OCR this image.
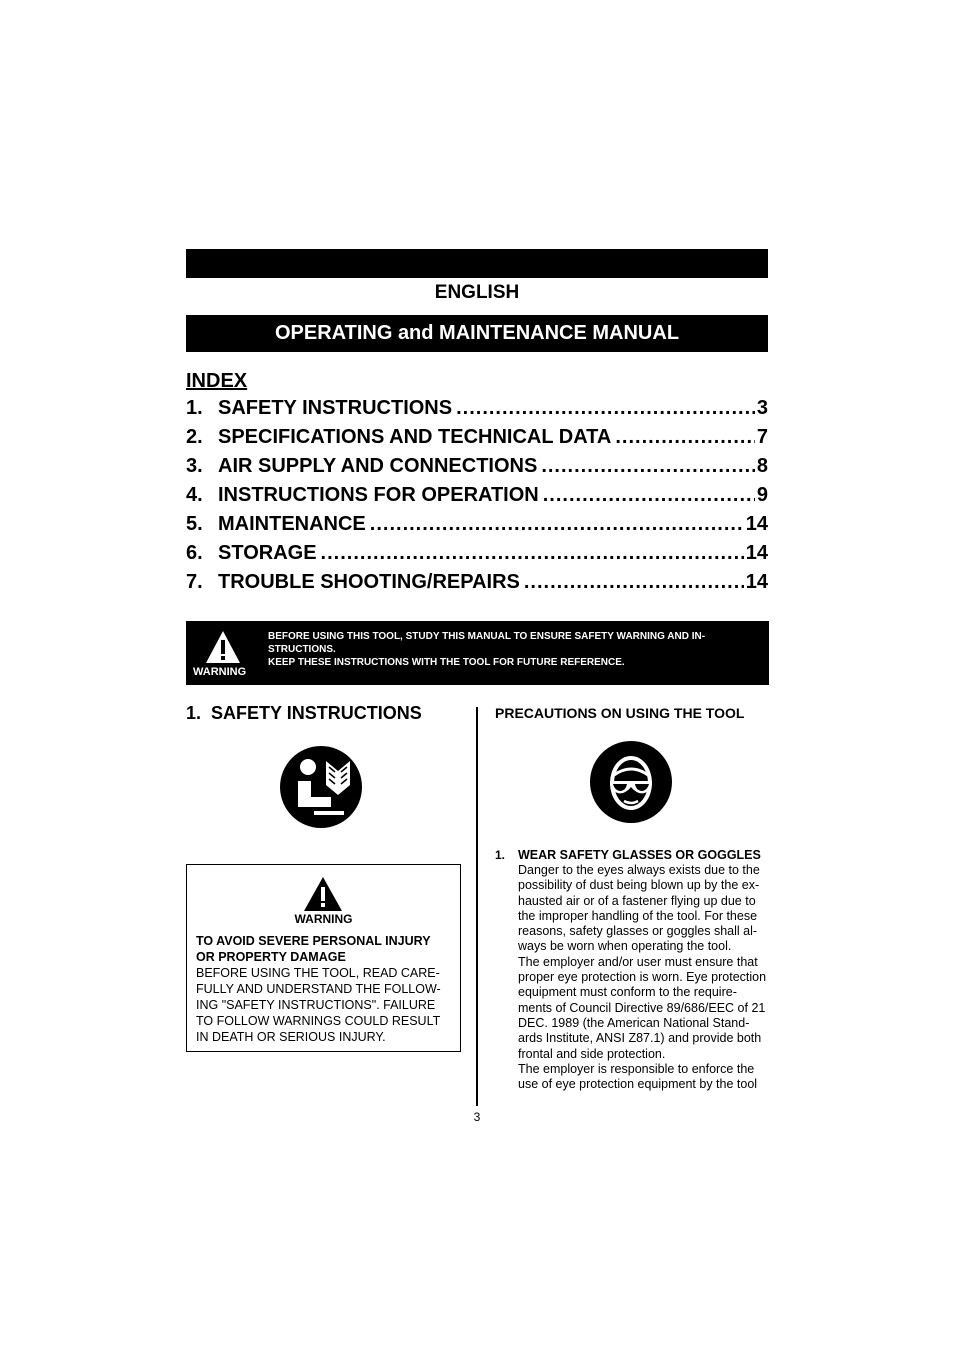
ENGLISH
OPERATING and MAINTENANCE MANUAL
INDEX
1. SAFETY INSTRUCTIONS .....	3
2. SPECIFICATIONS AND TECHNICAL DATA .....	7
3. AIR SUPPLY AND CONNECTIONS .....	8
4. INSTRUCTIONS FOR OPERATION .....	9
5. MAINTENANCE .....	14
6. STORAGE .....	14
7. TROUBLE SHOOTING/REPAIRS .....	14
WARNING
BEFORE USING THIS TOOL, STUDY THIS MANUAL TO ENSURE SAFETY WARNING AND IN-
STRUCTIONS.
KEEP THESE INSTRUCTIONS WITH THE TOOL FOR FUTURE REFERENCE.
1.  SAFETY INSTRUCTIONS
WARNING
TO AVOID SEVERE PERSONAL INJURY
OR PROPERTY DAMAGE
BEFORE USING THE TOOL, READ CARE-
FULLY AND UNDERSTAND THE FOLLOW-
ING "SAFETY INSTRUCTIONS". FAILURE
TO FOLLOW WARNINGS COULD RESULT
IN DEATH OR SERIOUS INJURY.
PRECAUTIONS ON USING THE TOOL
1. WEAR SAFETY GLASSES OR GOGGLES
Danger to the eyes always exists due to the
possibility of dust being blown up by the ex-
hausted air or of a fastener flying up due to
the improper handling of the tool. For these
reasons, safety glasses or goggles shall al-
ways be worn when operating the tool.
The employer and/or user must ensure that
proper eye protection is worn. Eye protection
equipment must conform to the require-
ments of Council Directive 89/686/EEC of 21
DEC. 1989 (the American National Stand-
ards Institute, ANSI Z87.1) and provide both
frontal and side protection.
The employer is responsible to enforce the
use of eye protection equipment by the tool
3
